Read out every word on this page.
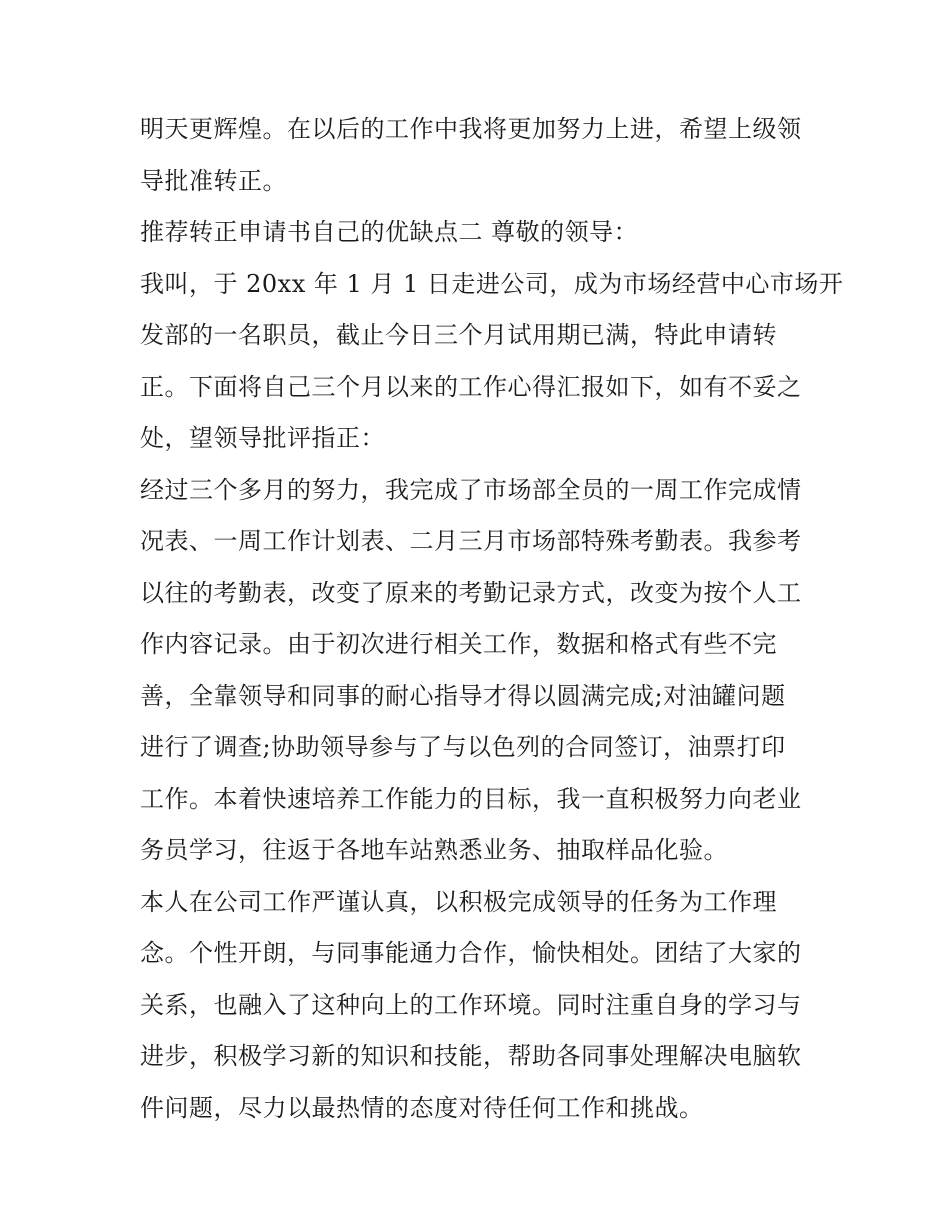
明天更辉煌。在以后的工作中我将更加努力上进，希望上级领
导批准转正。
推荐转正申请书自己的优缺点二 尊敬的领导：
我叫，于 20xx 年 1 月 1 日走进公司，成为市场经营中心市场开
发部的一名职员，截止今日三个月试用期已满，特此申请转
正。下面将自己三个月以来的工作心得汇报如下，如有不妥之
处，望领导批评指正：
经过三个多月的努力，我完成了市场部全员的一周工作完成情
况表、一周工作计划表、二月三月市场部特殊考勤表。我参考
以往的考勤表，改变了原来的考勤记录方式，改变为按个人工
作内容记录。由于初次进行相关工作，数据和格式有些不完
善，全靠领导和同事的耐心指导才得以圆满完成;对油罐问题
进行了调查;协助领导参与了与以色列的合同签订，油票打印
工作。本着快速培养工作能力的目标，我一直积极努力向老业
务员学习，往返于各地车站熟悉业务、抽取样品化验。
本人在公司工作严谨认真，以积极完成领导的任务为工作理
念。个性开朗，与同事能通力合作，愉快相处。团结了大家的
关系，也融入了这种向上的工作环境。同时注重自身的学习与
进步，积极学习新的知识和技能，帮助各同事处理解决电脑软
件问题，尽力以最热情的态度对待任何工作和挑战。
